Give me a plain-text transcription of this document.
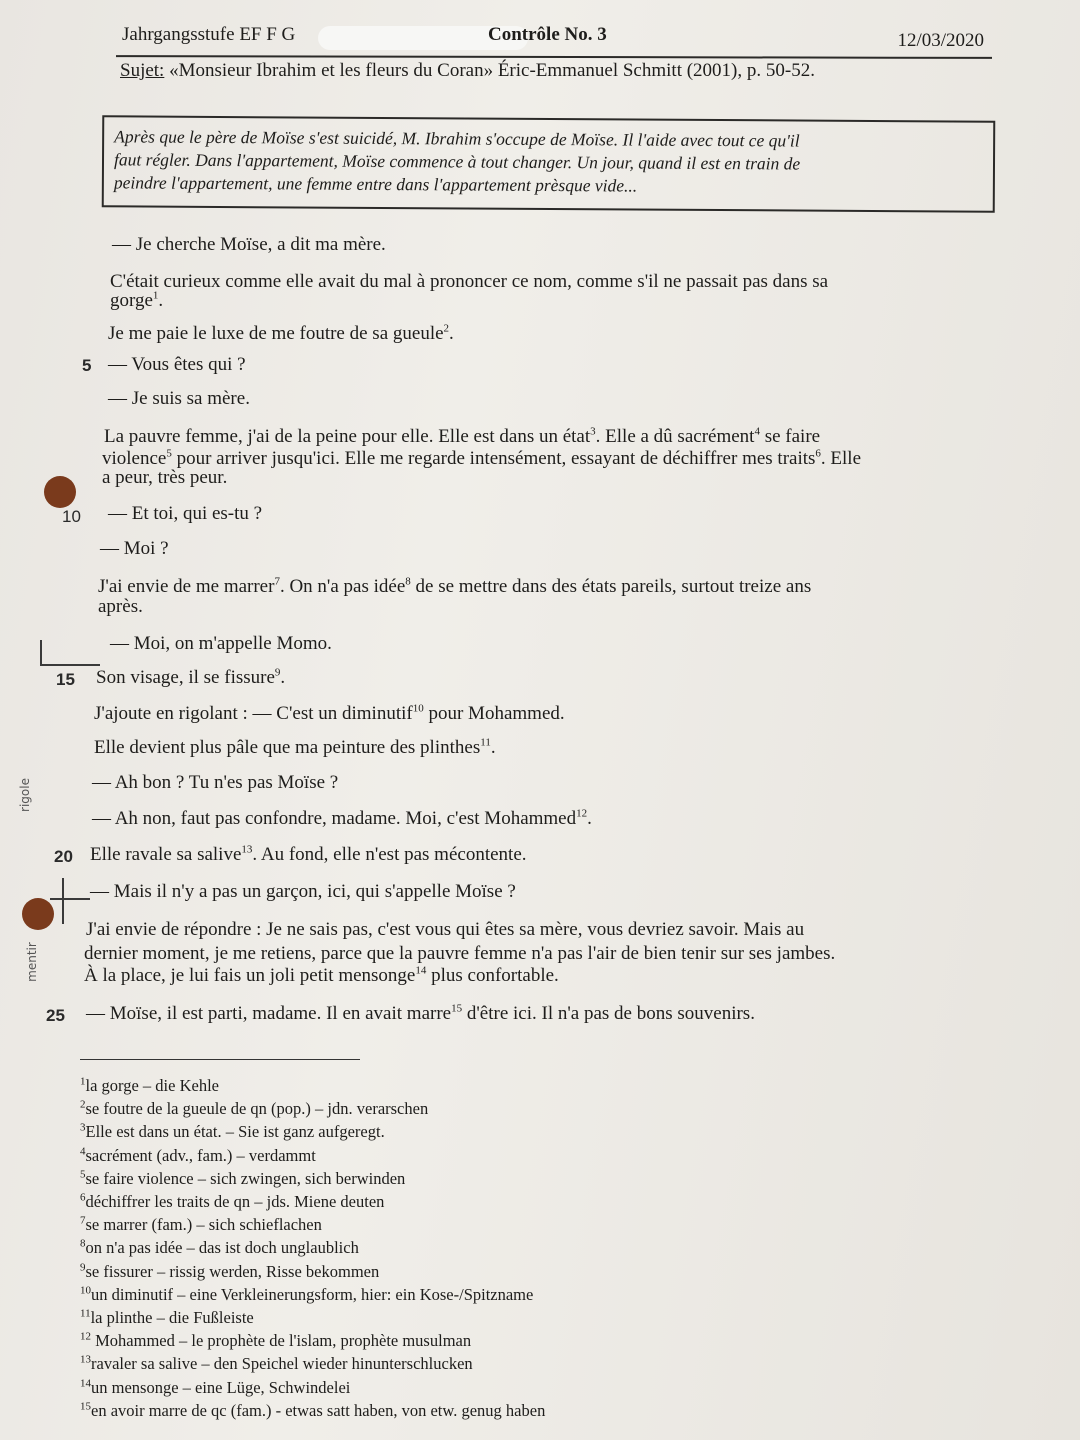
Jahrgangsstufe EF F G	Contrôle No. 3	12/03/2020
Sujet: «Monsieur Ibrahim et les fleurs du Coran» Éric-Emmanuel Schmitt (2001), p. 50-52.
Après que le père de Moïse s'est suicidé, M. Ibrahim s'occupe de Moïse. Il l'aide avec tout ce qu'il
faut régler. Dans l'appartement, Moïse commence à tout changer. Un jour, quand il est en train de
peindre l'appartement, une femme entre dans l'appartement prèsque vide...
— Je cherche Moïse, a dit ma mère.
C'était curieux comme elle avait du mal à prononcer ce nom, comme s'il ne passait pas dans sa
gorge$^1$.
Je me paie le luxe de me foutre de sa gueule$^2$.
5 — Vous êtes qui ?
— Je suis sa mère.
La pauvre femme, j'ai de la peine pour elle. Elle est dans un état$^3$. Elle a dû sacrément$^4$ se faire
violence$^5$ pour arriver jusqu'ici. Elle me regarde intensément, essayant de déchiffrer mes traits$^6$. Elle
a peur, très peur.
10 — Et toi, qui es-tu ?
— Moi ?
J'ai envie de me marrer$^7$. On n'a pas idée$^8$ de se mettre dans des états pareils, surtout treize ans
après.
— Moi, on m'appelle Momo.
15 Son visage, il se fissure$^9$.
J'ajoute en rigolant : — C'est un diminutif$^{10}$ pour Mohammed.
Elle devient plus pâle que ma peinture des plinthes$^{11}$.
— Ah bon ? Tu n'es pas Moïse ?
rigole
— Ah non, faut pas confondre, madame. Moi, c'est Mohammed$^{12}$.
20 Elle ravale sa salive$^{13}$. Au fond, elle n'est pas mécontente.
— Mais il n'y a pas un garçon, ici, qui s'appelle Moïse ?
J'ai envie de répondre : Je ne sais pas, c'est vous qui êtes sa mère, vous devriez savoir. Mais au
dernier moment, je me retiens, parce que la pauvre femme n'a pas l'air de bien tenir sur ses jambes.
À la place, je lui fais un joli petit mensonge$^{14}$ plus confortable.
mentir
25 — Moïse, il est parti, madame. Il en avait marre$^{15}$ d'être ici. Il n'a pas de bons souvenirs.
$^1$la gorge – die Kehle
$^2$se foutre de la gueule de qn (pop.) – jdn. verarschen
$^3$Elle est dans un état. – Sie ist ganz aufgeregt.
$^4$sacrément (adv., fam.) – verdammt
$^5$se faire violence – sich zwingen, sich berwinden
$^6$déchiffrer les traits de qn – jds. Miene deuten
$^7$se marrer (fam.) – sich schieflachen
$^8$on n'a pas idée – das ist doch unglaublich
$^9$se fissurer – rissig werden, Risse bekommen
$^{10}$un diminutif – eine Verkleinerungsform, hier: ein Kose-/Spitzname
$^{11}$la plinthe – die Fußleiste
$^{12}$ Mohammed – le prophète de l'islam, prophète musulman
$^{13}$ravaler sa salive – den Speichel wieder hinunterschlucken
$^{14}$un mensonge – eine Lüge, Schwindelei
$^{15}$en avoir marre de qc (fam.) - etwas satt haben, von etw. genug haben
